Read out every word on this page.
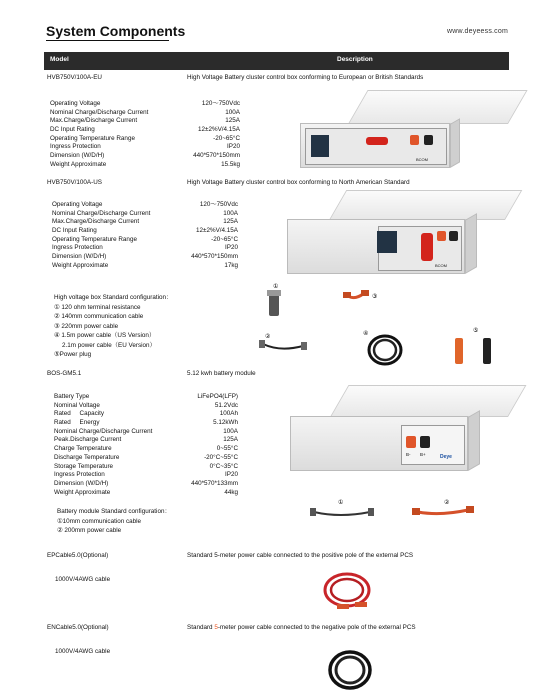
System Components	www.deyeess.com
Model	Description
HVB750V/100A-EU	High Voltage Battery cluster control box conforming to European or British Standards
Operating Voltage	120〜750Vdc
Nominal Charge/Discharge Current	100A
Max.Charge/Discharge Current	125A
DC Input Rating	12±2%V/4.15A
Operating Temperature Range	-20~65°C
Ingress Protection	IP20
Dimension (W/D/H)	440*570*150mm
Weight Approximate	15.5kg
BCOM
HVB750V/100A-US	High Voltage Battery cluster control box conforming to North American Standard
Operating Voltage	120〜750Vdc
Nominal Charge/Discharge Current	100A
Max.Charge/Discharge Current	125A
DC Input Rating	12±2%V/4.15A
Operating Temperature Range	-20~65°C
Ingress Protection	IP20
Dimension (W/D/H)	440*570*150mm
Weight Approximate	17kg	BCOM
High voltage box Standard configuration：
① 120 ohm terminal resistance
② 140mm communication cable
③ 220mm power cable
④ 1.5m power cable（US Version）
2.1m power cable（EU Version）
⑤Power plug
①
③
④
②
⑤
BOS-GM5.1	5.12 kwh battery module
Battery Type	LiFePO4(LFP)
Nominal Voltage	51.2Vdc
Rated     Capacity	100Ah
Rated     Energy	5.12kWh
Nominal Charge/Discharge Current	100A
Peak.Discharge Current	125A
Charge Temperature	0~55°C
Discharge Temperature	-20°C~55°C
Storage Temperature	0°C~35°C
Ingress Protection	IP20
Dimension (W/D/H)	440*570*133mm
Weight Approximate	44kg
B- B+	Deye
Battery module Standard configuration：
①10mm communication cable
② 200mm power cable
①	②
EPCable5.0(Optional)	Standard 5-meter power cable connected to the positive pole of the external PCS
1000V/4AWG cable
ENCable5.0(Optional)	Standard 5-meter power cable connected to the negative pole of the external PCS
1000V/4AWG cable
